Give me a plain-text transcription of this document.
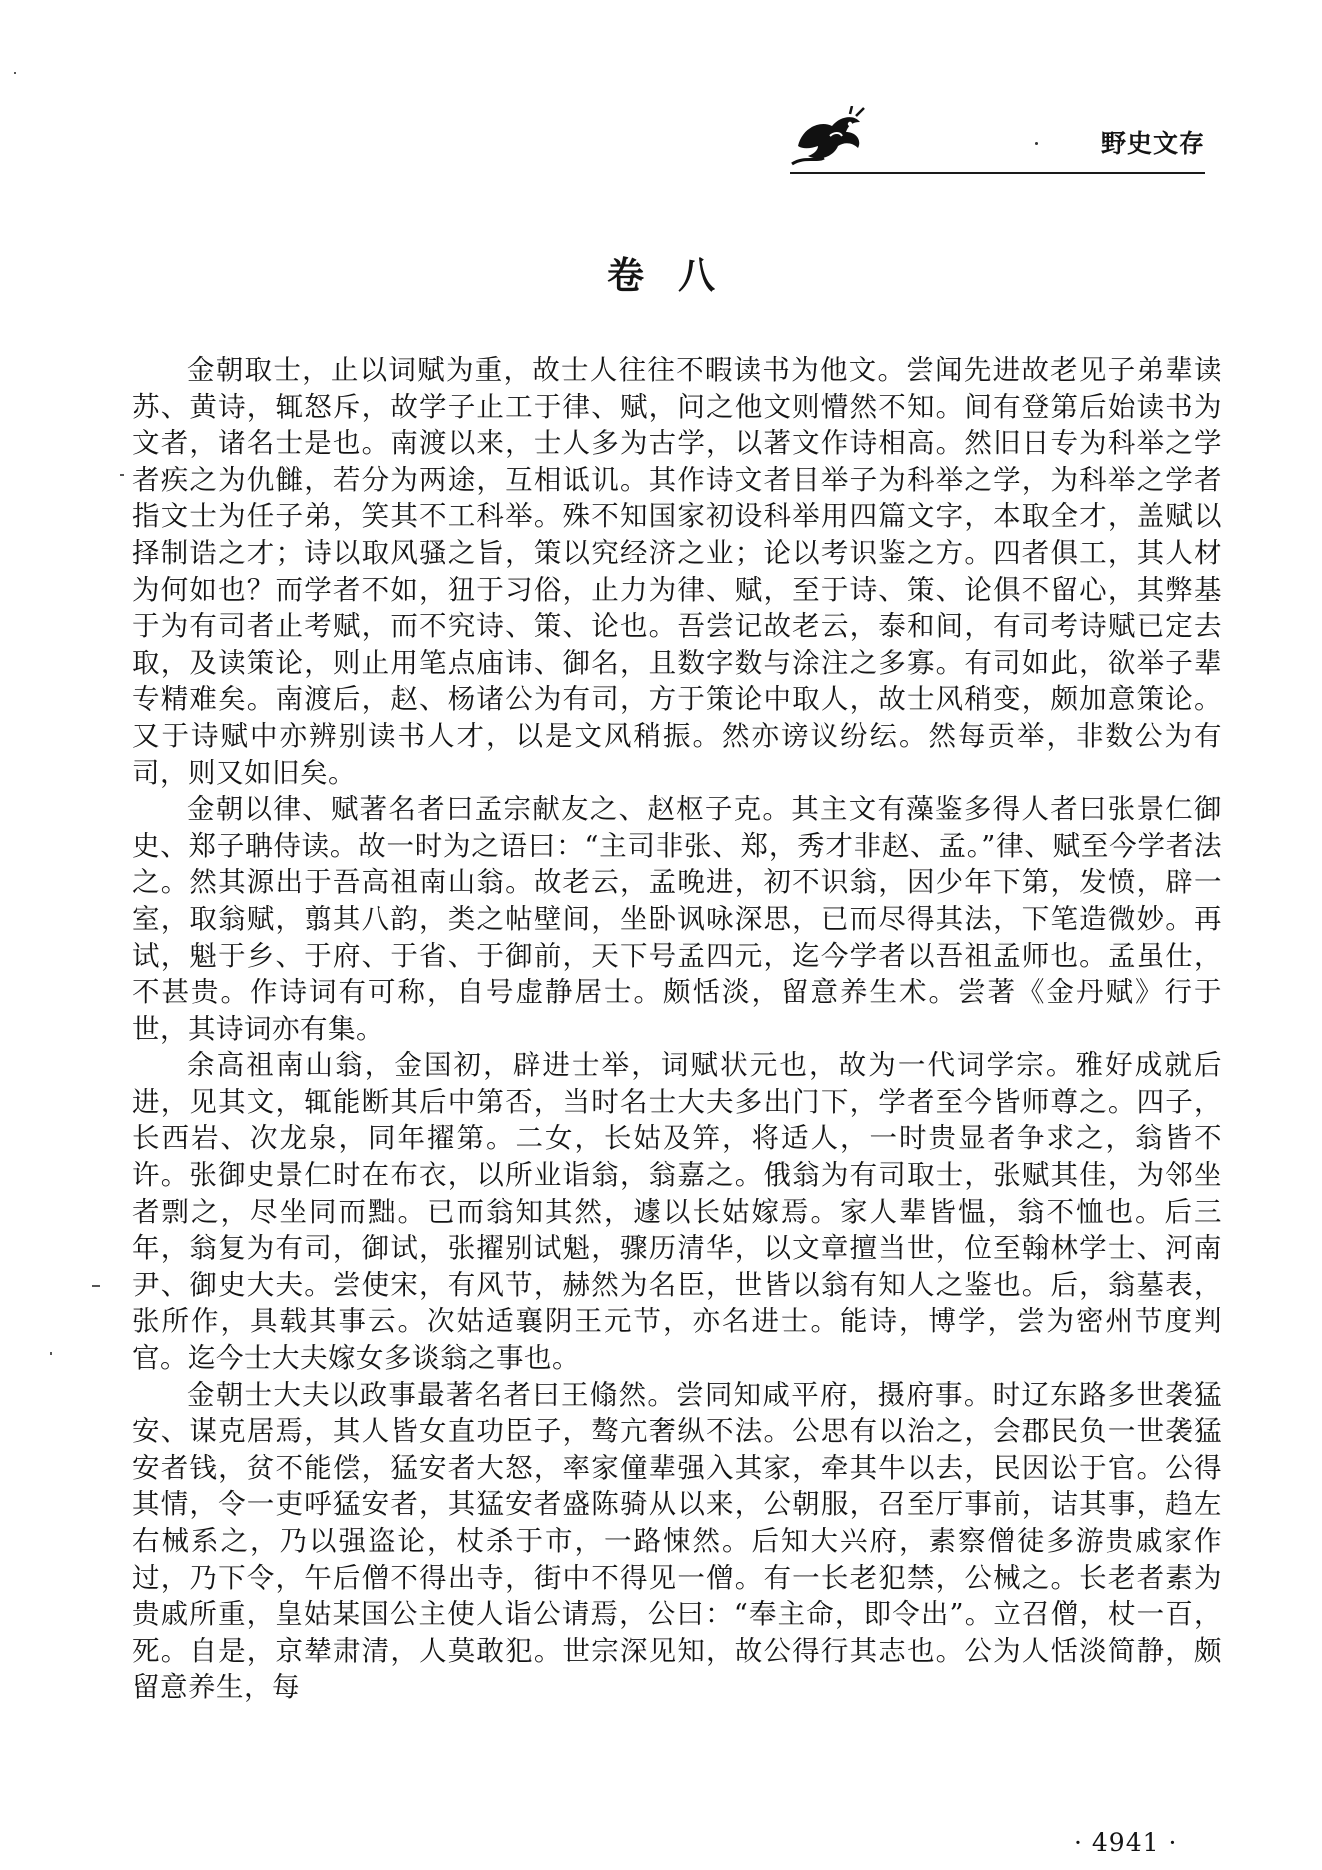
野史文存
卷八

金朝取士，止以词赋为重，故士人往往不暇读书为他文。尝闻先进故老见子弟辈读苏、黄诗，辄怒斥，故学子止工于律、赋，问之他文则懵然不知。间有登第后始读书为文者，诸名士是也。南渡以来，士人多为古学，以著文作诗相高。然旧日专为科举之学者疾之为仇雠，若分为两途，互相诋讥。其作诗文者目举子为科举之学，为科举之学者指文士为任子弟，笑其不工科举。殊不知国家初设科举用四篇文字，本取全才，盖赋以择制诰之才；诗以取风骚之旨，策以究经济之业；论以考识鉴之方。四者俱工，其人材为何如也？而学者不如，狃于习俗，止力为律、赋，至于诗、策、论俱不留心，其弊基于为有司者止考赋，而不究诗、策、论也。吾尝记故老云，泰和间，有司考诗赋已定去取，及读策论，则止用笔点庙讳、御名，且数字数与涂注之多寡。有司如此，欲举子辈专精难矣。南渡后，赵、杨诸公为有司，方于策论中取人，故士风稍变，颇加意策论。又于诗赋中亦辨别读书人才，以是文风稍振。然亦谤议纷纭。然每贡举，非数公为有司，则又如旧矣。

金朝以律、赋著名者曰孟宗献友之、赵枢子克。其主文有藻鉴多得人者曰张景仁御史、郑子聃侍读。故一时为之语曰：“主司非张、郑，秀才非赵、孟。”律、赋至今学者法之。然其源出于吾高祖南山翁。故老云，孟晚进，初不识翁，因少年下第，发愤，辟一室，取翁赋，翦其八韵，类之帖壁间，坐卧讽咏深思，已而尽得其法，下笔造微妙。再试，魁于乡、于府、于省、于御前，天下号孟四元，迄今学者以吾祖孟师也。孟虽仕，不甚贵。作诗词有可称，自号虚静居士。颇恬淡，留意养生术。尝著《金丹赋》行于世，其诗词亦有集。

余高祖南山翁，金国初，辟进士举，词赋状元也，故为一代词学宗。雅好成就后进，见其文，辄能断其后中第否，当时名士大夫多出门下，学者至今皆师尊之。四子，长西岩、次龙泉，同年擢第。二女，长姑及笄，将适人，一时贵显者争求之，翁皆不许。张御史景仁时在布衣，以所业诣翁，翁嘉之。俄翁为有司取士，张赋其佳，为邻坐者剽之，尽坐同而黜。已而翁知其然，遽以长姑嫁焉。家人辈皆愠，翁不恤也。后三年，翁复为有司，御试，张擢别试魁，骤历清华，以文章擅当世，位至翰林学士、河南尹、御史大夫。尝使宋，有风节，赫然为名臣，世皆以翁有知人之鉴也。后，翁墓表，张所作，具载其事云。次姑适襄阴王元节，亦名进士。能诗，博学，尝为密州节度判官。迄今士大夫嫁女多谈翁之事也。

金朝士大夫以政事最著名者曰王翛然。尝同知咸平府，摄府事。时辽东路多世袭猛安、谋克居焉，其人皆女直功臣子，骜亢奢纵不法。公思有以治之，会郡民负一世袭猛安者钱，贫不能偿，猛安者大怒，率家僮辈强入其家，牵其牛以去，民因讼于官。公得其情，令一吏呼猛安者，其猛安者盛陈骑从以来，公朝服，召至厅事前，诘其事，趋左右械系之，乃以强盗论，杖杀于市，一路悚然。后知大兴府，素察僧徒多游贵戚家作过，乃下令，午后僧不得出寺，街中不得见一僧。有一长老犯禁，公械之。长老者素为贵戚所重，皇姑某国公主使人诣公请焉，公曰：“奉主命，即令出”。立召僧，杖一百，死。自是，京辇肃清，人莫敢犯。世宗深见知，故公得行其志也。公为人恬淡简静，颇留意养生，每

· 4941 ·
